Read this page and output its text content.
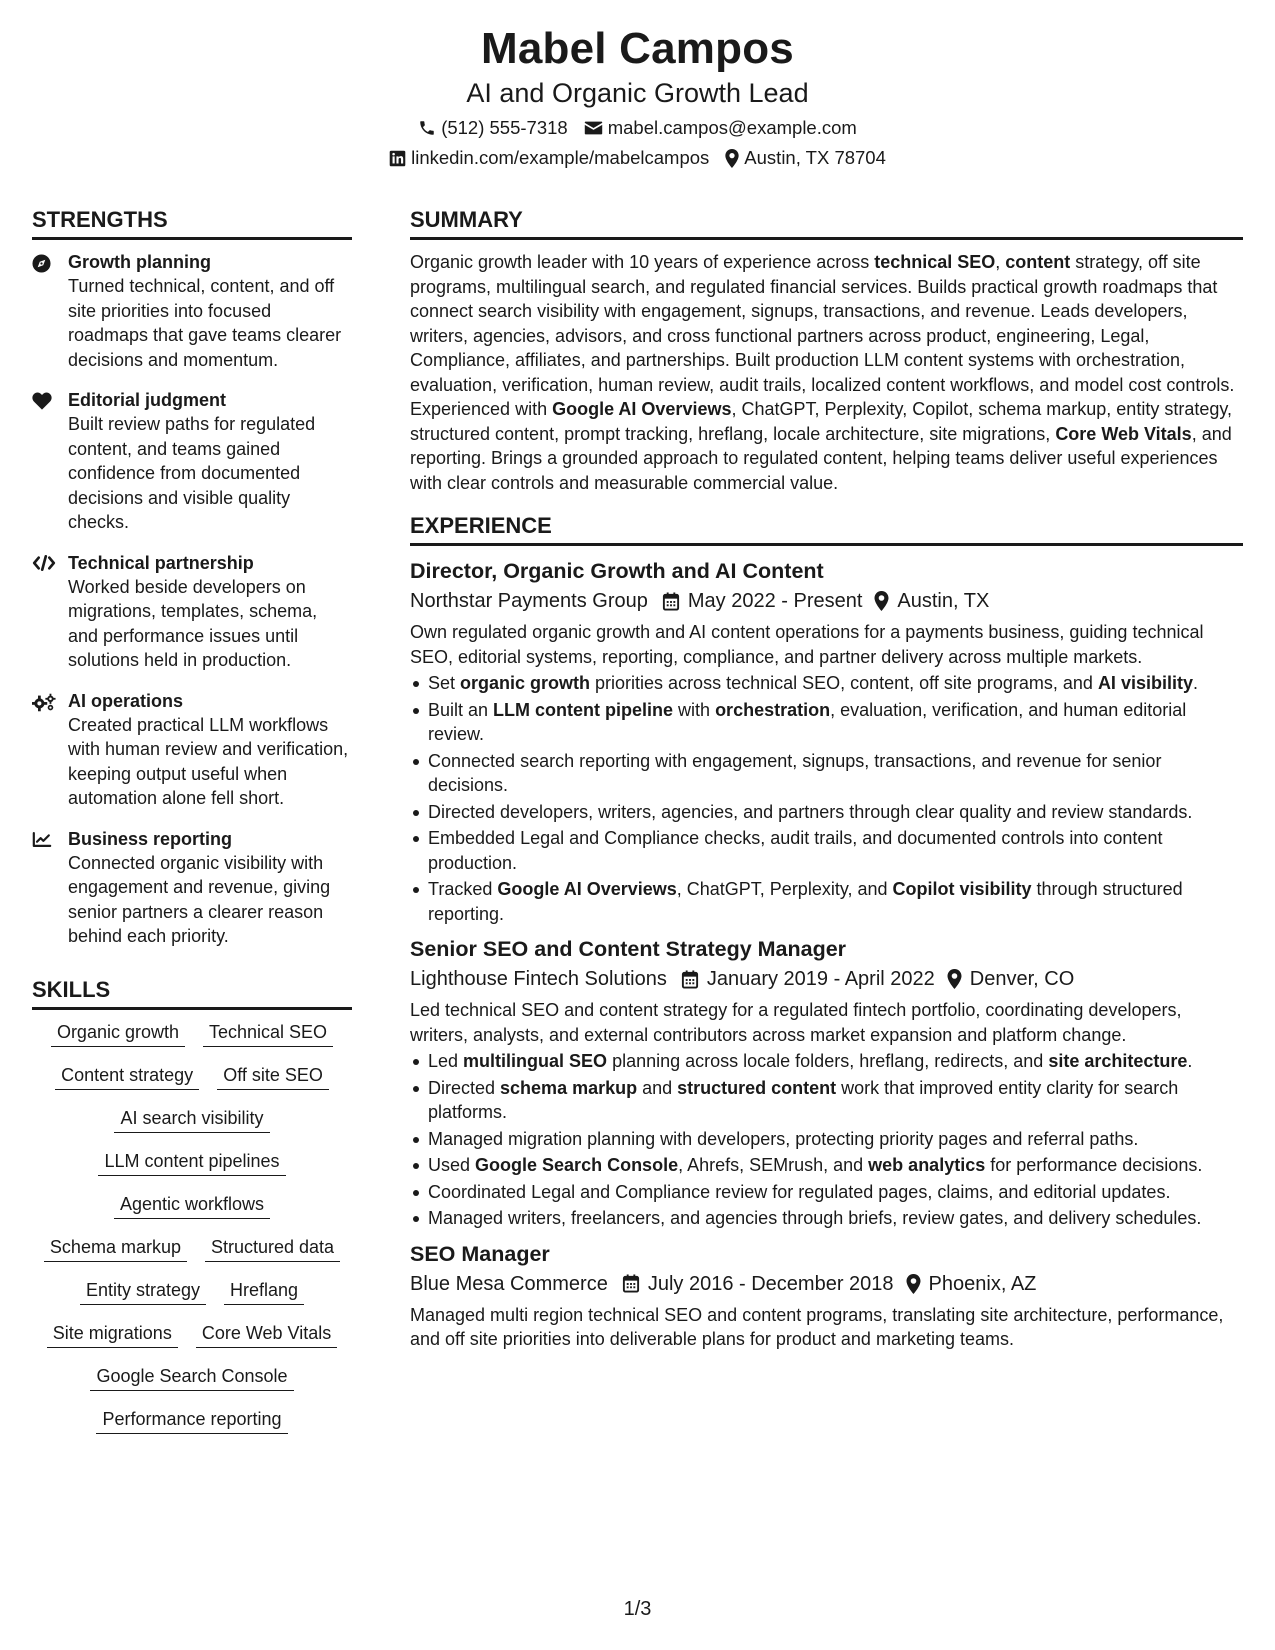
Mabel Campos
AI and Organic Growth Lead
(512) 555-7318 mabel.campos@example.com
linkedin.com/example/mabelcampos Austin, TX 78704
STRENGTHS
Growth planning
Turned technical, content, and off site priorities into focused roadmaps that gave teams clearer decisions and momentum.
Editorial judgment
Built review paths for regulated content, and teams gained confidence from documented decisions and visible quality checks.
Technical partnership
Worked beside developers on migrations, templates, schema, and performance issues until solutions held in production.
AI operations
Created practical LLM workflows with human review and verification, keeping output useful when automation alone fell short.
Business reporting
Connected organic visibility with engagement and revenue, giving senior partners a clearer reason behind each priority.
SKILLS
Organic growth	Technical SEO
Content strategy	Off site SEO
AI search visibility
LLM content pipelines
Agentic workflows
Schema markup	Structured data
Entity strategy	Hreflang
Site migrations	Core Web Vitals
Google Search Console
Performance reporting
SUMMARY
Organic growth leader with 10 years of experience across technical SEO, content strategy, off site programs, multilingual search, and regulated financial services. Builds practical growth roadmaps that connect search visibility with engagement, signups, transactions, and revenue. Leads developers, writers, agencies, advisors, and cross functional partners across product, engineering, Legal, Compliance, affiliates, and partnerships. Built production LLM content systems with orchestration, evaluation, verification, human review, audit trails, localized content workflows, and model cost controls. Experienced with Google AI Overviews, ChatGPT, Perplexity, Copilot, schema markup, entity strategy, structured content, prompt tracking, hreflang, locale architecture, site migrations, Core Web Vitals, and reporting. Brings a grounded approach to regulated content, helping teams deliver useful experiences with clear controls and measurable commercial value.
EXPERIENCE
Director, Organic Growth and AI Content
Northstar Payments Group May 2022 - Present Austin, TX
Own regulated organic growth and AI content operations for a payments business, guiding technical SEO, editorial systems, reporting, compliance, and partner delivery across multiple markets.
Set organic growth priorities across technical SEO, content, off site programs, and AI visibility.
Built an LLM content pipeline with orchestration, evaluation, verification, and human editorial review.
Connected search reporting with engagement, signups, transactions, and revenue for senior decisions.
Directed developers, writers, agencies, and partners through clear quality and review standards.
Embedded Legal and Compliance checks, audit trails, and documented controls into content production.
Tracked Google AI Overviews, ChatGPT, Perplexity, and Copilot visibility through structured reporting.
Senior SEO and Content Strategy Manager
Lighthouse Fintech Solutions January 2019 - April 2022 Denver, CO
Led technical SEO and content strategy for a regulated fintech portfolio, coordinating developers, writers, analysts, and external contributors across market expansion and platform change.
Led multilingual SEO planning across locale folders, hreflang, redirects, and site architecture.
Directed schema markup and structured content work that improved entity clarity for search platforms.
Managed migration planning with developers, protecting priority pages and referral paths.
Used Google Search Console, Ahrefs, SEMrush, and web analytics for performance decisions.
Coordinated Legal and Compliance review for regulated pages, claims, and editorial updates.
Managed writers, freelancers, and agencies through briefs, review gates, and delivery schedules.
SEO Manager
Blue Mesa Commerce July 2016 - December 2018 Phoenix, AZ
Managed multi region technical SEO and content programs, translating site architecture, performance, and off site priorities into deliverable plans for product and marketing teams.
1/3
